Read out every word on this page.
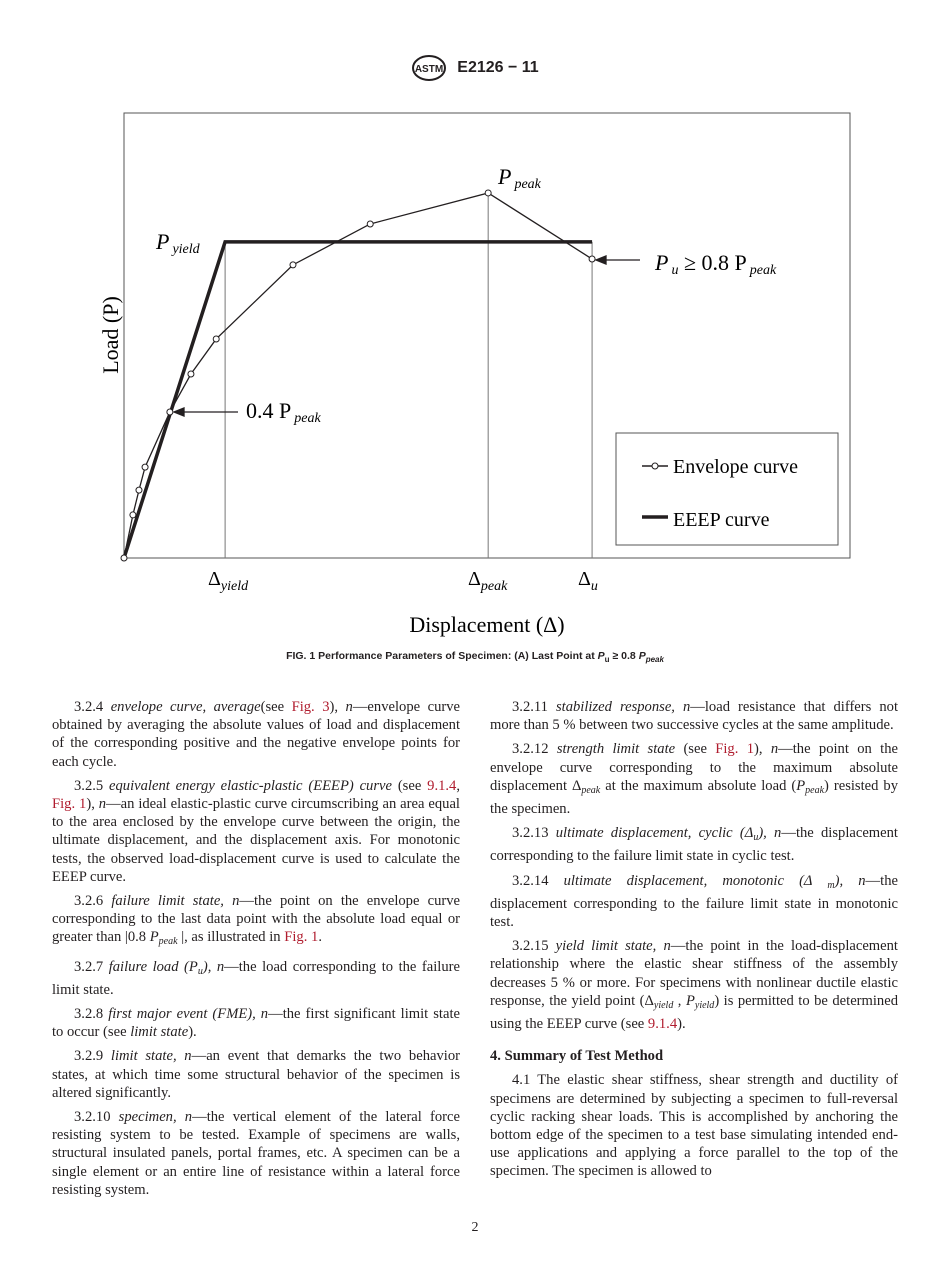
ASTM E2126 − 11
Load (P)
Displacement (Δ)
Ppeak
Pyield
Pu ≥ 0.8 P peak
0.4 P peak
$\Delta_{yield}$	$\Delta_{peak}$	$\Delta_u$
Envelope curve
EEEP curve
FIG. 1 Performance Parameters of Specimen: (A) Last Point at $P_u \ge 0.8$ $P_{peak}$

3.2.4 envelope curve, average(see Fig. 3), n—envelope curve obtained by averaging the absolute values of load and displacement of the corresponding positive and the negative envelope points for each cycle.

3.2.5 equivalent energy elastic-plastic (EEEP) curve (see 9.1.4, Fig. 1), n—an ideal elastic-plastic curve circumscribing an area equal to the area enclosed by the envelope curve between the origin, the ultimate displacement, and the displacement axis. For monotonic tests, the observed load-displacement curve is used to calculate the EEEP curve.

3.2.6 failure limit state, n—the point on the envelope curve corresponding to the last data point with the absolute load equal or greater than |0.8 $P_{peak}$ |, as illustrated in Fig. 1.

3.2.7 failure load $(P_u)$, n—the load corresponding to the failure limit state.

3.2.8 first major event (FME), n—the first significant limit state to occur (see limit state).

3.2.9 limit state, n—an event that demarks the two behavior states, at which time some structural behavior of the specimen is altered significantly.

3.2.10 specimen, n—the vertical element of the lateral force resisting system to be tested. Example of specimens are walls, structural insulated panels, portal frames, etc. A specimen can be a single element or an entire line of resistance within a lateral force resisting system.

3.2.11 stabilized response, n—load resistance that differs not more than 5 % between two successive cycles at the same amplitude.

3.2.12 strength limit state (see Fig. 1), n—the point on the envelope curve corresponding to the maximum absolute displacement $\Delta_{peak}$ at the maximum absolute load $(P_{peak})$ resisted by the specimen.

3.2.13 ultimate displacement, cyclic $(\Delta_u)$, n—the displacement corresponding to the failure limit state in cyclic test.

3.2.14 ultimate displacement, monotonic (Δ $_m$), n—the displacement corresponding to the failure limit state in monotonic test.

3.2.15 yield limit state, n—the point in the load-displacement relationship where the elastic shear stiffness of the assembly decreases 5 % or more. For specimens with nonlinear ductile elastic response, the yield point ($\Delta_{yield}$ , $P_{yield}$) is permitted to be determined using the EEEP curve (see 9.1.4).

4. Summary of Test Method

4.1 The elastic shear stiffness, shear strength and ductility of specimens are determined by subjecting a specimen to full-reversal cyclic racking shear loads. This is accomplished by anchoring the bottom edge of the specimen to a test base simulating intended end-use applications and applying a force parallel to the top of the specimen. The specimen is allowed to

2
